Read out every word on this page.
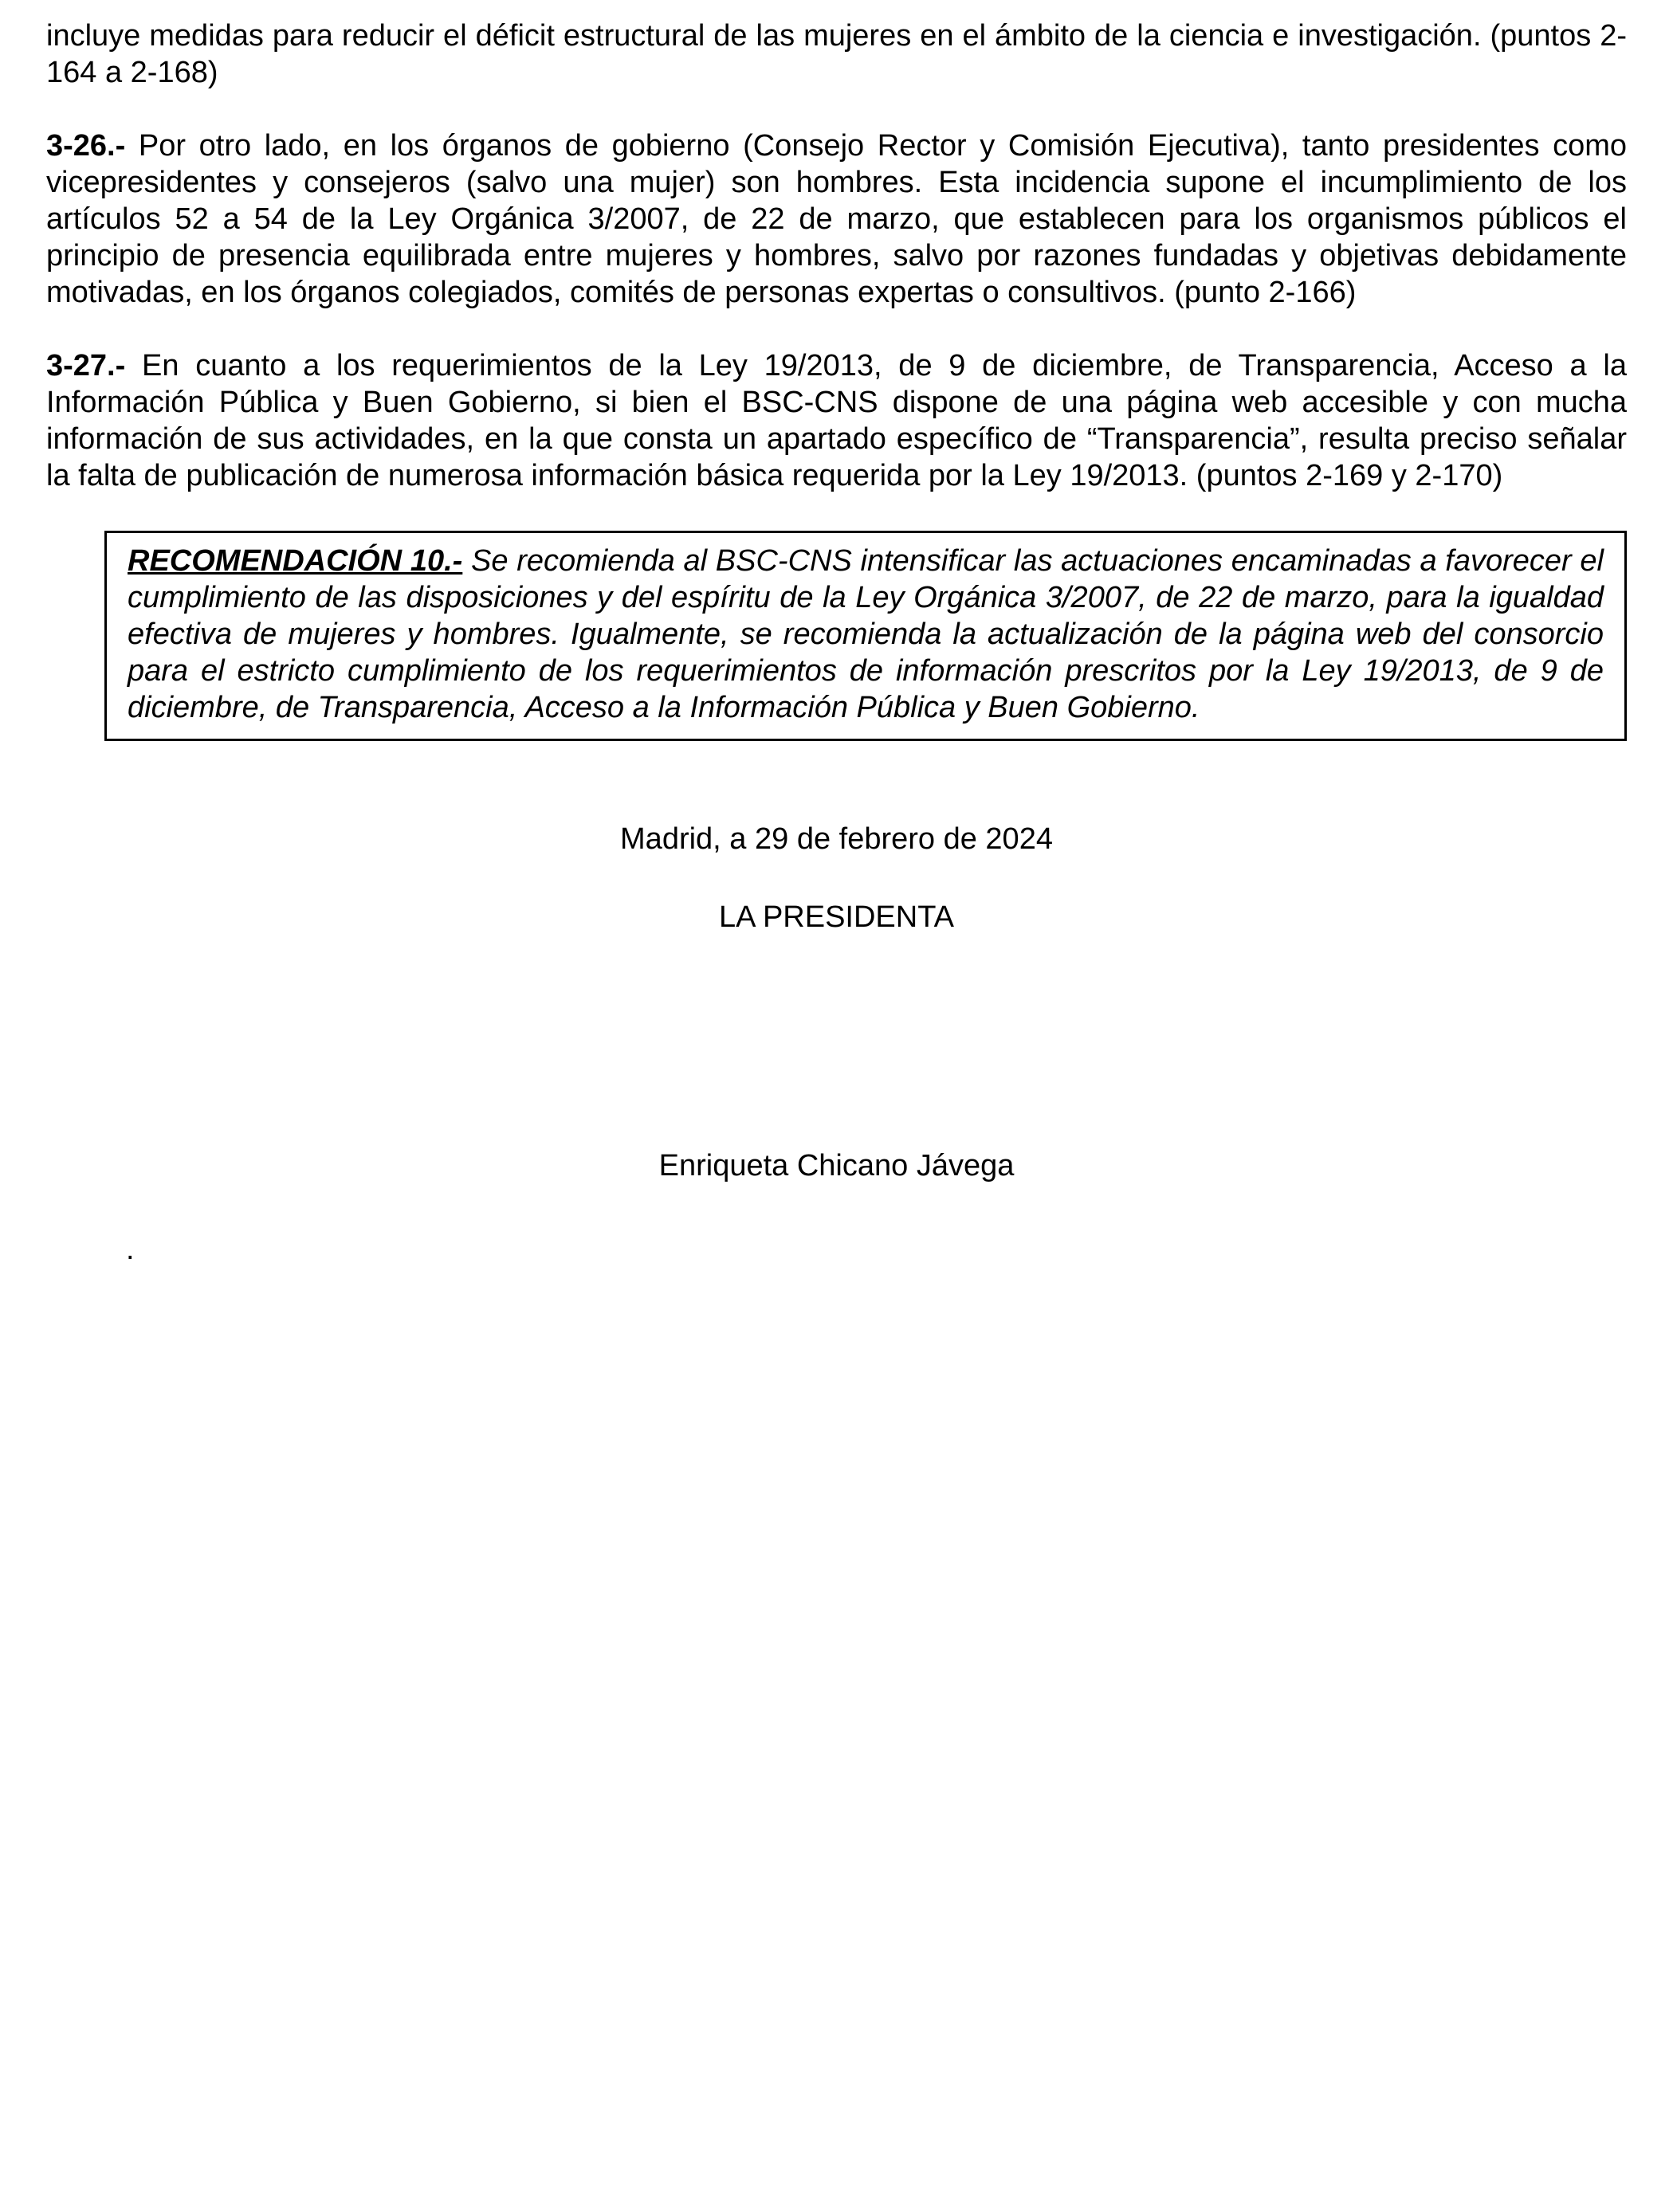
incluye medidas para reducir el déficit estructural de las mujeres en el ámbito de la ciencia e investigación. (puntos 2-164 a 2-168)

3-26.- Por otro lado, en los órganos de gobierno (Consejo Rector y Comisión Ejecutiva), tanto presidentes como vicepresidentes y consejeros (salvo una mujer) son hombres. Esta incidencia supone el incumplimiento de los artículos 52 a 54 de la Ley Orgánica 3/2007, de 22 de marzo, que establecen para los organismos públicos el principio de presencia equilibrada entre mujeres y hombres, salvo por razones fundadas y objetivas debidamente motivadas, en los órganos colegiados, comités de personas expertas o consultivos. (punto 2-166)

3-27.- En cuanto a los requerimientos de la Ley 19/2013, de 9 de diciembre, de Transparencia, Acceso a la Información Pública y Buen Gobierno, si bien el BSC-CNS dispone de una página web accesible y con mucha información de sus actividades, en la que consta un apartado específico de “Transparencia”, resulta preciso señalar la falta de publicación de numerosa información básica requerida por la Ley 19/2013. (puntos 2-169 y 2-170)

RECOMENDACIÓN 10.- Se recomienda al BSC-CNS intensificar las actuaciones encaminadas a favorecer el cumplimiento de las disposiciones y del espíritu de la Ley Orgánica 3/2007, de 22 de marzo, para la igualdad efectiva de mujeres y hombres. Igualmente, se recomienda la actualización de la página web del consorcio para el estricto cumplimiento de los requerimientos de información prescritos por la Ley 19/2013, de 9 de diciembre, de Transparencia, Acceso a la Información Pública y Buen Gobierno.

Madrid, a 29 de febrero de 2024

LA PRESIDENTA

Enriqueta Chicano Jávega

.
